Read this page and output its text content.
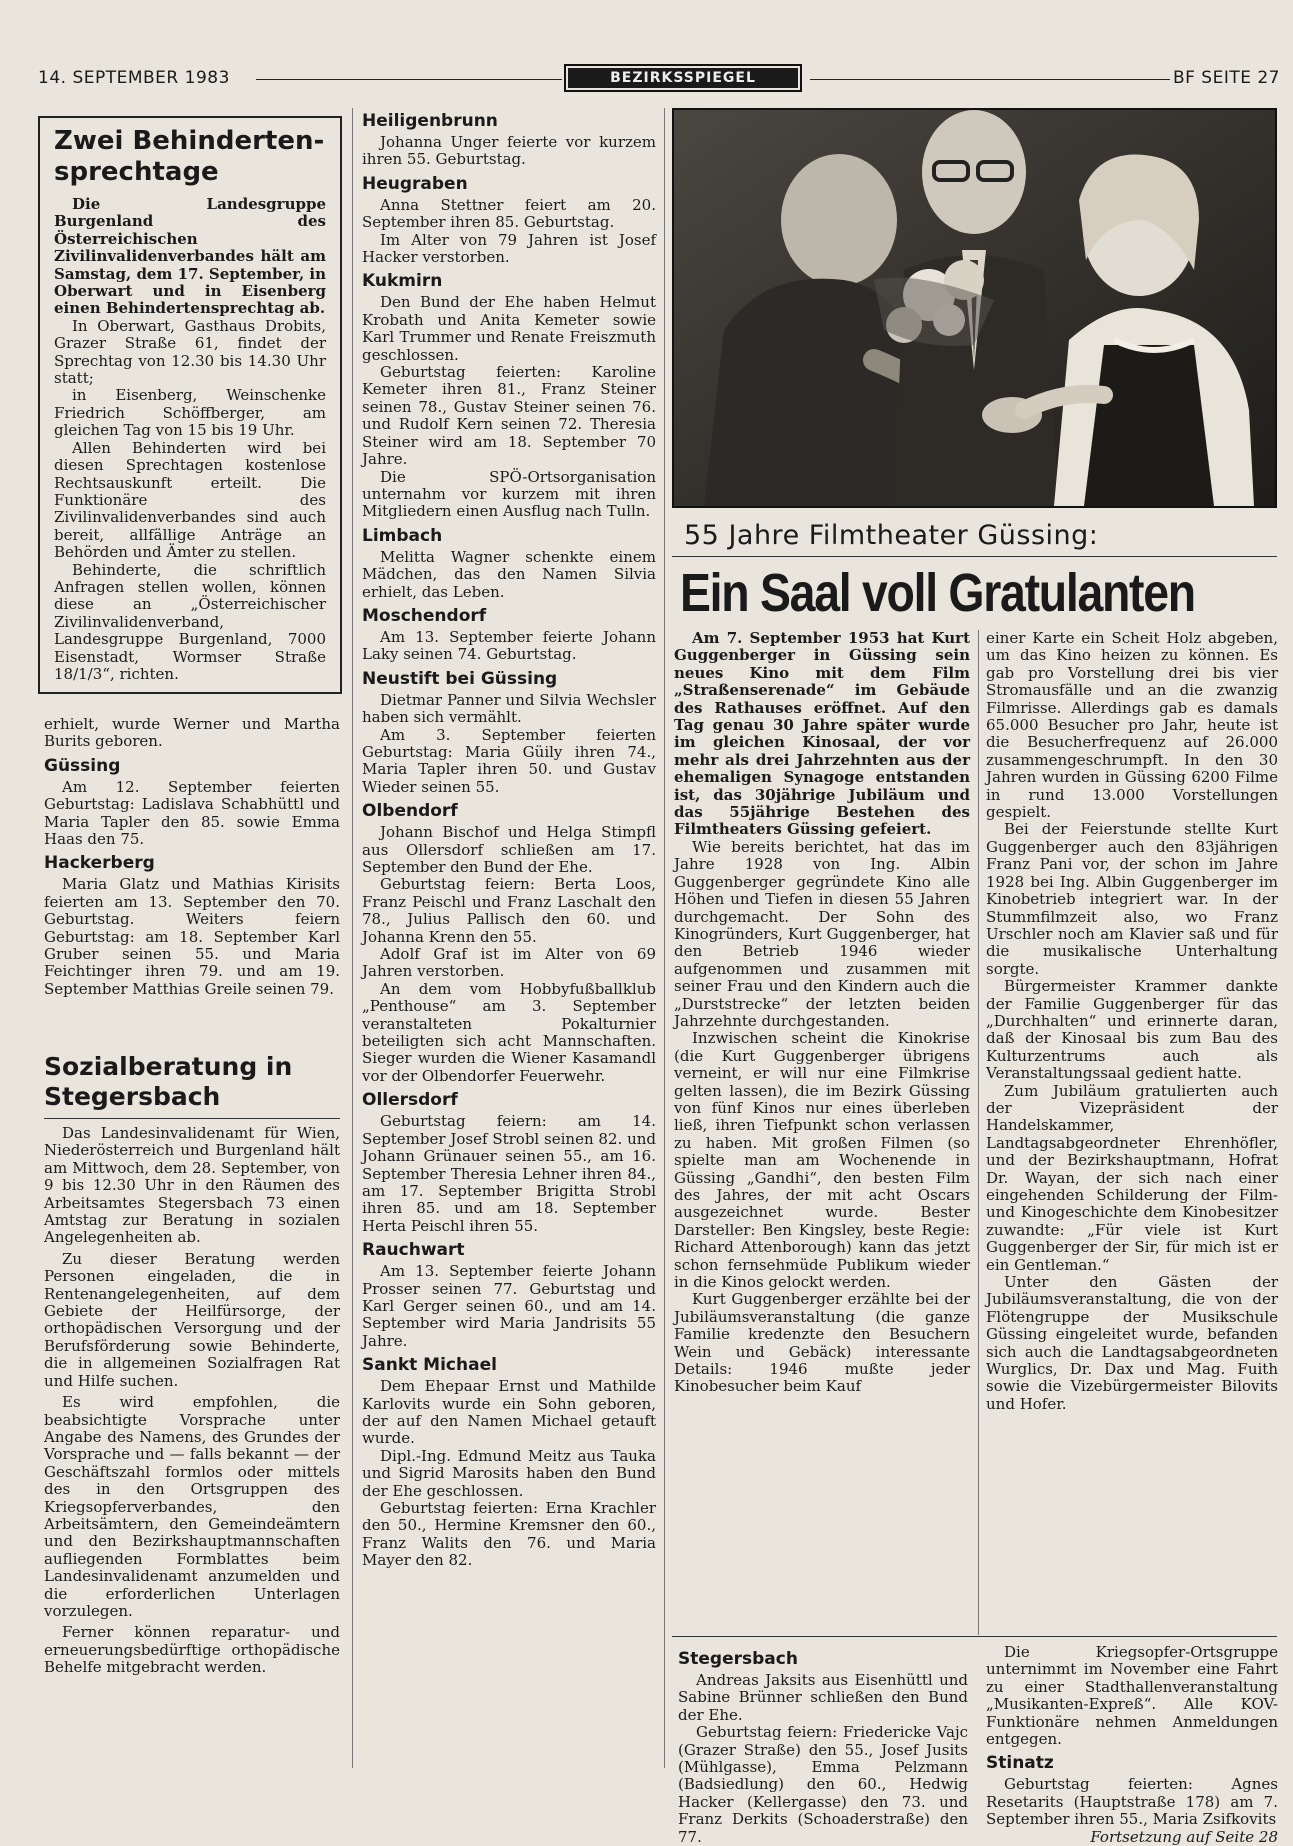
14. SEPTEMBER 1983	BEZIRKSSPIEGEL	BF SEITE 27
Zwei Behinderten-sprechtage

Die Landesgruppe Burgenland des Österreichischen Zivilinvalidenverbandes hält am Samstag, dem 17. September, in Oberwart und in Eisenberg einen Behindertensprechtag ab.

In Oberwart, Gasthaus Drobits, Grazer Straße 61, findet der Sprechtag von 12.30 bis 14.30 Uhr statt;

in Eisenberg, Weinschenke Friedrich Schöffberger, am gleichen Tag von 15 bis 19 Uhr.

Allen Behinderten wird bei diesen Sprechtagen kostenlose Rechtsauskunft erteilt. Die Funktionäre des Zivilinvalidenverbandes sind auch bereit, allfällige Anträge an Behörden und Ämter zu stellen.

Behinderte, die schriftlich Anfragen stellen wollen, können diese an „Österreichischer Zivilinvalidenverband, Landesgruppe Burgenland, 7000 Eisenstadt, Wormser Straße 18/1/3“, richten.

erhielt, wurde Werner und Martha Burits geboren.

Güssing

Am 12. September feierten Geburtstag: Ladislava Schabhüttl und Maria Tapler den 85. sowie Emma Haas den 75.

Hackerberg

Maria Glatz und Mathias Kirisits feierten am 13. September den 70. Geburtstag. Weiters feiern Geburtstag: am 18. September Karl Gruber seinen 55. und Maria Feichtinger ihren 79. und am 19. September Matthias Greile seinen 79.

Sozialberatung in Stegersbach

Das Landesinvalidenamt für Wien, Niederösterreich und Burgenland hält am Mittwoch, dem 28. September, von 9 bis 12.30 Uhr in den Räumen des Arbeitsamtes Stegersbach 73 einen Amtstag zur Beratung in sozialen Angelegenheiten ab.

Zu dieser Beratung werden Personen eingeladen, die in Rentenangelegenheiten, auf dem Gebiete der Heilfürsorge, der orthopädischen Versorgung und der Berufsförderung sowie Behinderte, die in allgemeinen Sozialfragen Rat und Hilfe suchen.

Es wird empfohlen, die beabsichtigte Vorsprache unter Angabe des Namens, des Grundes der Vorsprache und — falls bekannt — der Geschäftszahl formlos oder mittels des in den Ortsgruppen des Kriegsopferverbandes, den Arbeitsämtern, den Gemeindeämtern und den Bezirkshauptmannschaften aufliegenden Formblattes beim Landesinvalidenamt anzumelden und die erforderlichen Unterlagen vorzulegen.

Ferner können reparatur- und erneuerungsbedürftige orthopädische Behelfe mitgebracht werden.

Heiligenbrunn

Johanna Unger feierte vor kurzem ihren 55. Geburtstag.

Heugraben

Anna Stettner feiert am 20. September ihren 85. Geburtstag.

Im Alter von 79 Jahren ist Josef Hacker verstorben.

Kukmirn

Den Bund der Ehe haben Helmut Krobath und Anita Kemeter sowie Karl Trummer und Renate Freiszmuth geschlossen.

Geburtstag feierten: Karoline Kemeter ihren 81., Franz Steiner seinen 78., Gustav Steiner seinen 76. und Rudolf Kern seinen 72. Theresia Steiner wird am 18. September 70 Jahre.

Die SPÖ-Ortsorganisation unternahm vor kurzem mit ihren Mitgliedern einen Ausflug nach Tulln.

Limbach

Melitta Wagner schenkte einem Mädchen, das den Namen Silvia erhielt, das Leben.

Moschendorf

Am 13. September feierte Johann Laky seinen 74. Geburtstag.

Neustift bei Güssing

Dietmar Panner und Silvia Wechsler haben sich vermählt.

Am 3. September feierten Geburtstag: Maria Güily ihren 74., Maria Tapler ihren 50. und Gustav Wieder seinen 55.

Olbendorf

Johann Bischof und Helga Stimpfl aus Ollersdorf schließen am 17. September den Bund der Ehe.

Geburtstag feiern: Berta Loos, Franz Peischl und Franz Laschalt den 78., Julius Pallisch den 60. und Johanna Krenn den 55.

Adolf Graf ist im Alter von 69 Jahren verstorben.

An dem vom Hobbyfußballklub „Penthouse“ am 3. September veranstalteten Pokalturnier beteiligten sich acht Mannschaften. Sieger wurden die Wiener Kasamandl vor der Olbendorfer Feuerwehr.

Ollersdorf

Geburtstag feiern: am 14. September Josef Strobl seinen 82. und Johann Grünauer seinen 55., am 16. September Theresia Lehner ihren 84., am 17. September Brigitta Strobl ihren 85. und am 18. September Herta Peischl ihren 55.

Rauchwart

Am 13. September feierte Johann Prosser seinen 77. Geburtstag und Karl Gerger seinen 60., und am 14. September wird Maria Jandrisits 55 Jahre.

Sankt Michael

Dem Ehepaar Ernst und Mathilde Karlovits wurde ein Sohn geboren, der auf den Namen Michael getauft wurde.

Dipl.-Ing. Edmund Meitz aus Tauka und Sigrid Marosits haben den Bund der Ehe geschlossen.

Geburtstag feierten: Erna Krachler den 50., Hermine Kremsner den 60., Franz Walits den 76. und Maria Mayer den 82.

55 Jahre Filmtheater Güssing:
Ein Saal voll Gratulanten

Am 7. September 1953 hat Kurt Guggenberger in Güssing sein neues Kino mit dem Film „Straßenserenade“ im Gebäude des Rathauses eröffnet. Auf den Tag genau 30 Jahre später wurde im gleichen Kinosaal, der vor mehr als drei Jahrzehnten aus der ehemaligen Synagoge entstanden ist, das 30jährige Jubiläum und das 55jährige Bestehen des Filmtheaters Güssing gefeiert.

Wie bereits berichtet, hat das im Jahre 1928 von Ing. Albin Guggenberger gegründete Kino alle Höhen und Tiefen in diesen 55 Jahren durchgemacht. Der Sohn des Kinogründers, Kurt Guggenberger, hat den Betrieb 1946 wieder aufgenommen und zusammen mit seiner Frau und den Kindern auch die „Durststrecke“ der letzten beiden Jahrzehnte durchgestanden.

Inzwischen scheint die Kinokrise (die Kurt Guggenberger übrigens verneint, er will nur eine Filmkrise gelten lassen), die im Bezirk Güssing von fünf Kinos nur eines überleben ließ, ihren Tiefpunkt schon verlassen zu haben. Mit großen Filmen (so spielte man am Wochenende in Güssing „Gandhi“, den besten Film des Jahres, der mit acht Oscars ausgezeichnet wurde. Bester Darsteller: Ben Kingsley, beste Regie: Richard Attenborough) kann das jetzt schon fernsehmüde Publikum wieder in die Kinos gelockt werden.

Kurt Guggenberger erzählte bei der Jubiläumsveranstaltung (die ganze Familie kredenzte den Besuchern Wein und Gebäck) interessante Details: 1946 mußte jeder Kinobesucher beim Kauf

einer Karte ein Scheit Holz abgeben, um das Kino heizen zu können. Es gab pro Vorstellung drei bis vier Stromausfälle und an die zwanzig Filmrisse. Allerdings gab es damals 65.000 Besucher pro Jahr, heute ist die Besucherfrequenz auf 26.000 zusammengeschrumpft. In den 30 Jahren wurden in Güssing 6200 Filme in rund 13.000 Vorstellungen gespielt.

Bei der Feierstunde stellte Kurt Guggenberger auch den 83jährigen Franz Pani vor, der schon im Jahre 1928 bei Ing. Albin Guggenberger im Kinobetrieb integriert war. In der Stummfilmzeit also, wo Franz Urschler noch am Klavier saß und für die musikalische Unterhaltung sorgte.

Bürgermeister Krammer dankte der Familie Guggenberger für das „Durchhalten“ und erinnerte daran, daß der Kinosaal bis zum Bau des Kulturzentrums auch als Veranstaltungssaal gedient hatte.

Zum Jubiläum gratulierten auch der Vizepräsident der Handelskammer, Landtagsabgeordneter Ehrenhöfler, und der Bezirkshauptmann, Hofrat Dr. Wayan, der sich nach einer eingehenden Schilderung der Film- und Kinogeschichte dem Kinobesitzer zuwandte: „Für viele ist Kurt Guggenberger der Sir, für mich ist er ein Gentleman.“

Unter den Gästen der Jubiläumsveranstaltung, die von der Flötengruppe der Musikschule Güssing eingeleitet wurde, befanden sich auch die Landtagsabgeordneten Wurglics, Dr. Dax und Mag. Fuith sowie die Vizebürgermeister Bilovits und Hofer.

Stegersbach

Andreas Jaksits aus Eisenhüttl und Sabine Brünner schließen den Bund der Ehe.

Geburtstag feiern: Friedericke Vajc (Grazer Straße) den 55., Josef Jusits (Mühlgasse), Emma Pelzmann (Badsiedlung) den 60., Hedwig Hacker (Kellergasse) den 73. und Franz Derkits (Schoaderstraße) den 77.

Die Kriegsopfer-Ortsgruppe unternimmt im November eine Fahrt zu einer Stadthallenveranstaltung „Musikanten-Expreß“. Alle KOV-Funktionäre nehmen Anmeldungen entgegen.

Stinatz

Geburtstag feierten: Agnes Resetarits (Hauptstraße 178) am 7. September ihren 55., Maria Zsifkovits

Fortsetzung auf Seite 28
